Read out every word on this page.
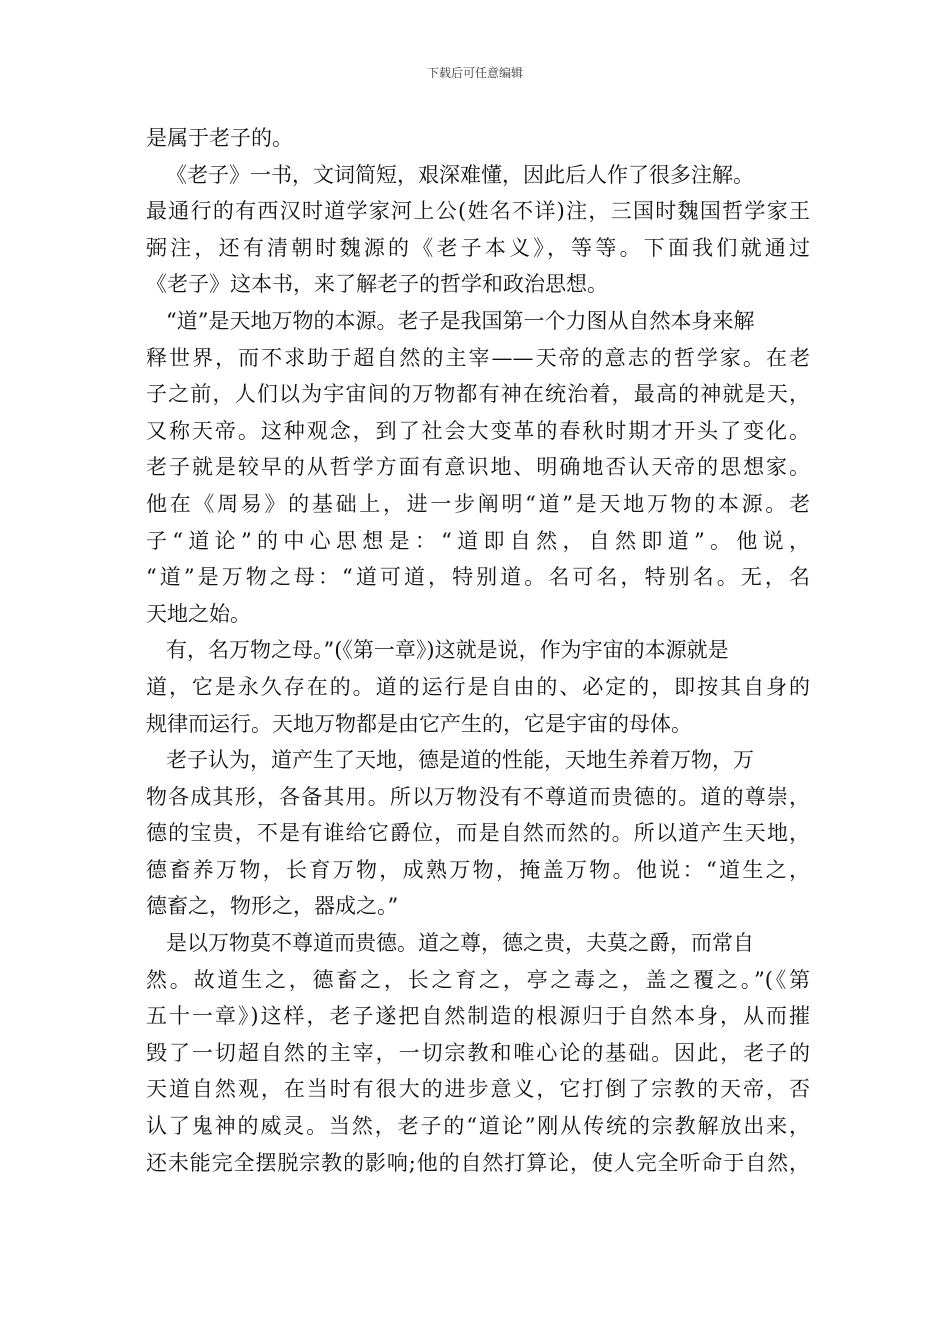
下载后可任意编辑
是属于老子的。
《老子》一书，文词简短，艰深难懂，因此后人作了很多注解。
最通行的有西汉时道学家河上公(姓名不详)注，三国时魏国哲学家王
弼注，还有清朝时魏源的《老子本义》，等等。下面我们就通过
《老子》这本书，来了解老子的哲学和政治思想。
“道”是天地万物的本源。老子是我国第一个力图从自然本身来解
释世界，而不求助于超自然的主宰——天帝的意志的哲学家。在老
子之前，人们以为宇宙间的万物都有神在统治着，最高的神就是天，
又称天帝。这种观念，到了社会大变革的春秋时期才开头了变化。
老子就是较早的从哲学方面有意识地、明确地否认天帝的思想家。
他在《周易》的基础上，进一步阐明“道”是天地万物的本源。老
子“道论”的中心思想是：“道即自然，自然即道”。他说，
“道”是万物之母：“道可道，特别道。名可名，特别名。无，名
天地之始。
有，名万物之母。”(《第一章》)这就是说，作为宇宙的本源就是
道，它是永久存在的。道的运行是自由的、必定的，即按其自身的
规律而运行。天地万物都是由它产生的，它是宇宙的母体。
老子认为，道产生了天地，德是道的性能，天地生养着万物，万
物各成其形，各备其用。所以万物没有不尊道而贵德的。道的尊崇，
德的宝贵，不是有谁给它爵位，而是自然而然的。所以道产生天地，
德畜养万物，长育万物，成熟万物，掩盖万物。他说：“道生之，
德畜之，物形之，器成之。”
是以万物莫不尊道而贵德。道之尊，德之贵，夫莫之爵，而常自
然。故道生之，德畜之，长之育之，亭之毒之，盖之覆之。”(《第
五十一章》)这样，老子遂把自然制造的根源归于自然本身，从而摧
毁了一切超自然的主宰，一切宗教和唯心论的基础。因此，老子的
天道自然观，在当时有很大的进步意义，它打倒了宗教的天帝，否
认了鬼神的威灵。当然，老子的“道论”刚从传统的宗教解放出来，
还未能完全摆脱宗教的影响;他的自然打算论，使人完全听命于自然，
